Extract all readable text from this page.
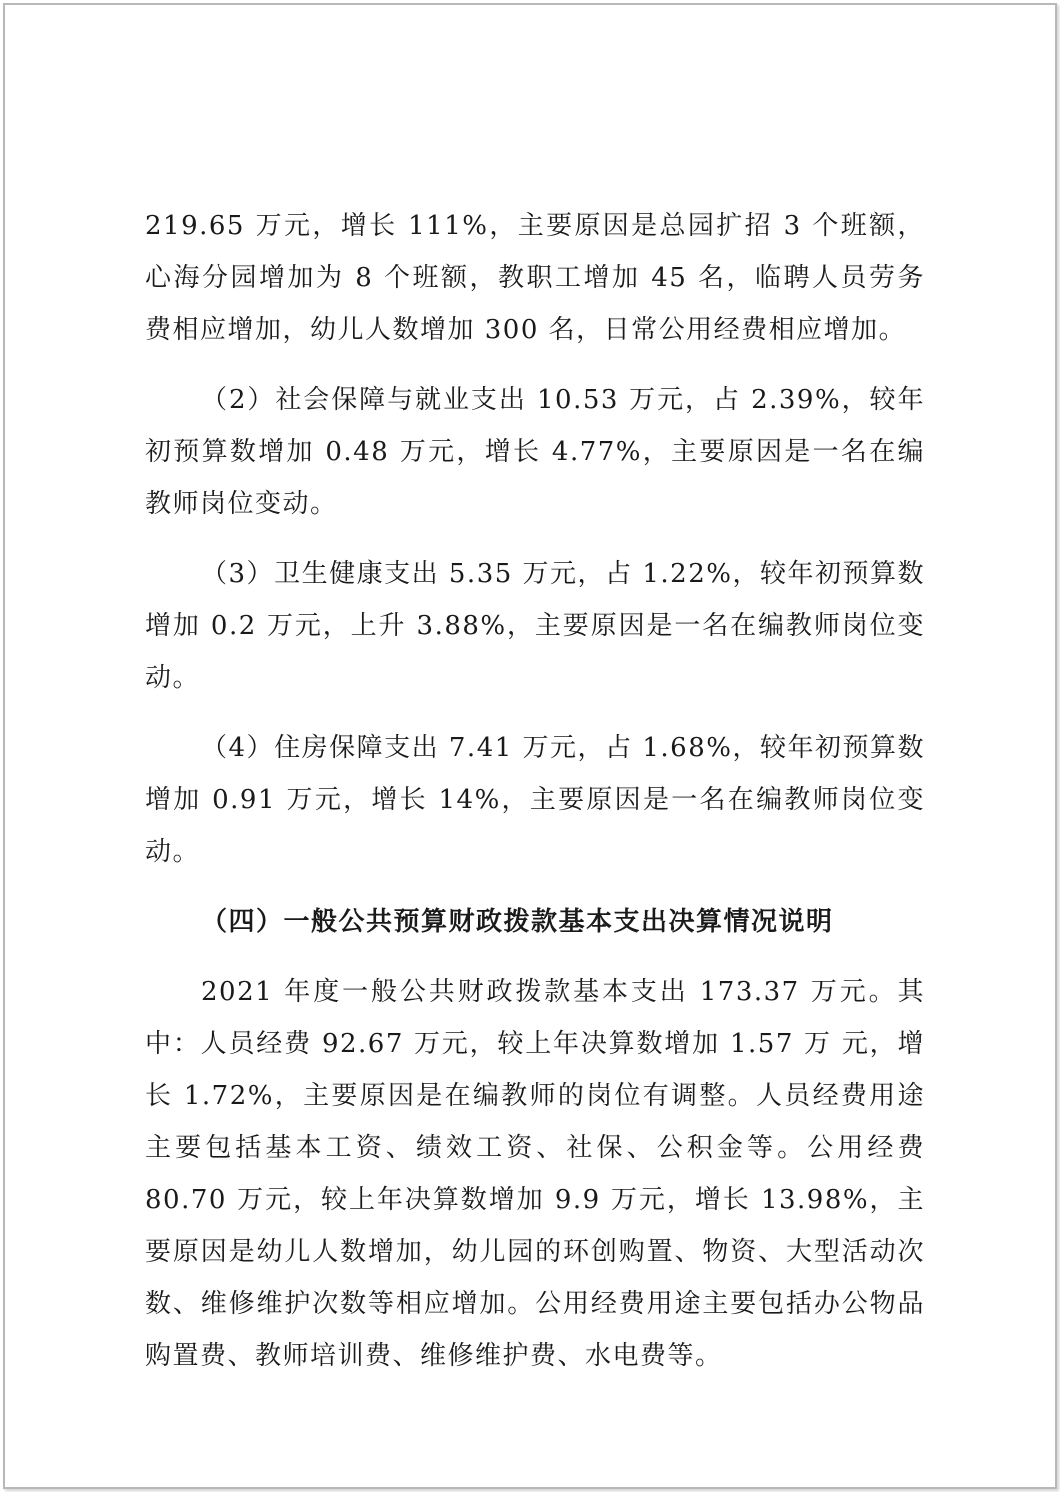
219.65 万元，增长 111%，主要原因是总园扩招 3 个班额，心海分园增加为 8 个班额，教职工增加 45 名，临聘人员劳务费相应增加，幼儿人数增加 300 名，日常公用经费相应增加。

（2）社会保障与就业支出 10.53 万元，占 2.39%，较年初预算数增加 0.48 万元，增长 4.77%，主要原因是一名在编教师岗位变动。

（3）卫生健康支出 5.35 万元，占 1.22%，较年初预算数增加 0.2 万元，上升 3.88%，主要原因是一名在编教师岗位变动。

（4）住房保障支出 7.41 万元，占 1.68%，较年初预算数增加 0.91 万元，增长 14%，主要原因是一名在编教师岗位变动。

（四）一般公共预算财政拨款基本支出决算情况说明

2021 年度一般公共财政拨款基本支出 173.37 万元。其中：人员经费 92.67 万元，较上年决算数增加 1.57 万 元，增长 1.72%，主要原因是在编教师的岗位有调整。人员经费用途主要包括基本工资、绩效工资、社保、公积金等。公用经费 80.70 万元，较上年决算数增加 9.9 万元，增长 13.98%，主要原因是幼儿人数增加，幼儿园的环创购置、物资、大型活动次数、维修维护次数等相应增加。公用经费用途主要包括办公物品购置费、教师培训费、维修维护费、水电费等。
